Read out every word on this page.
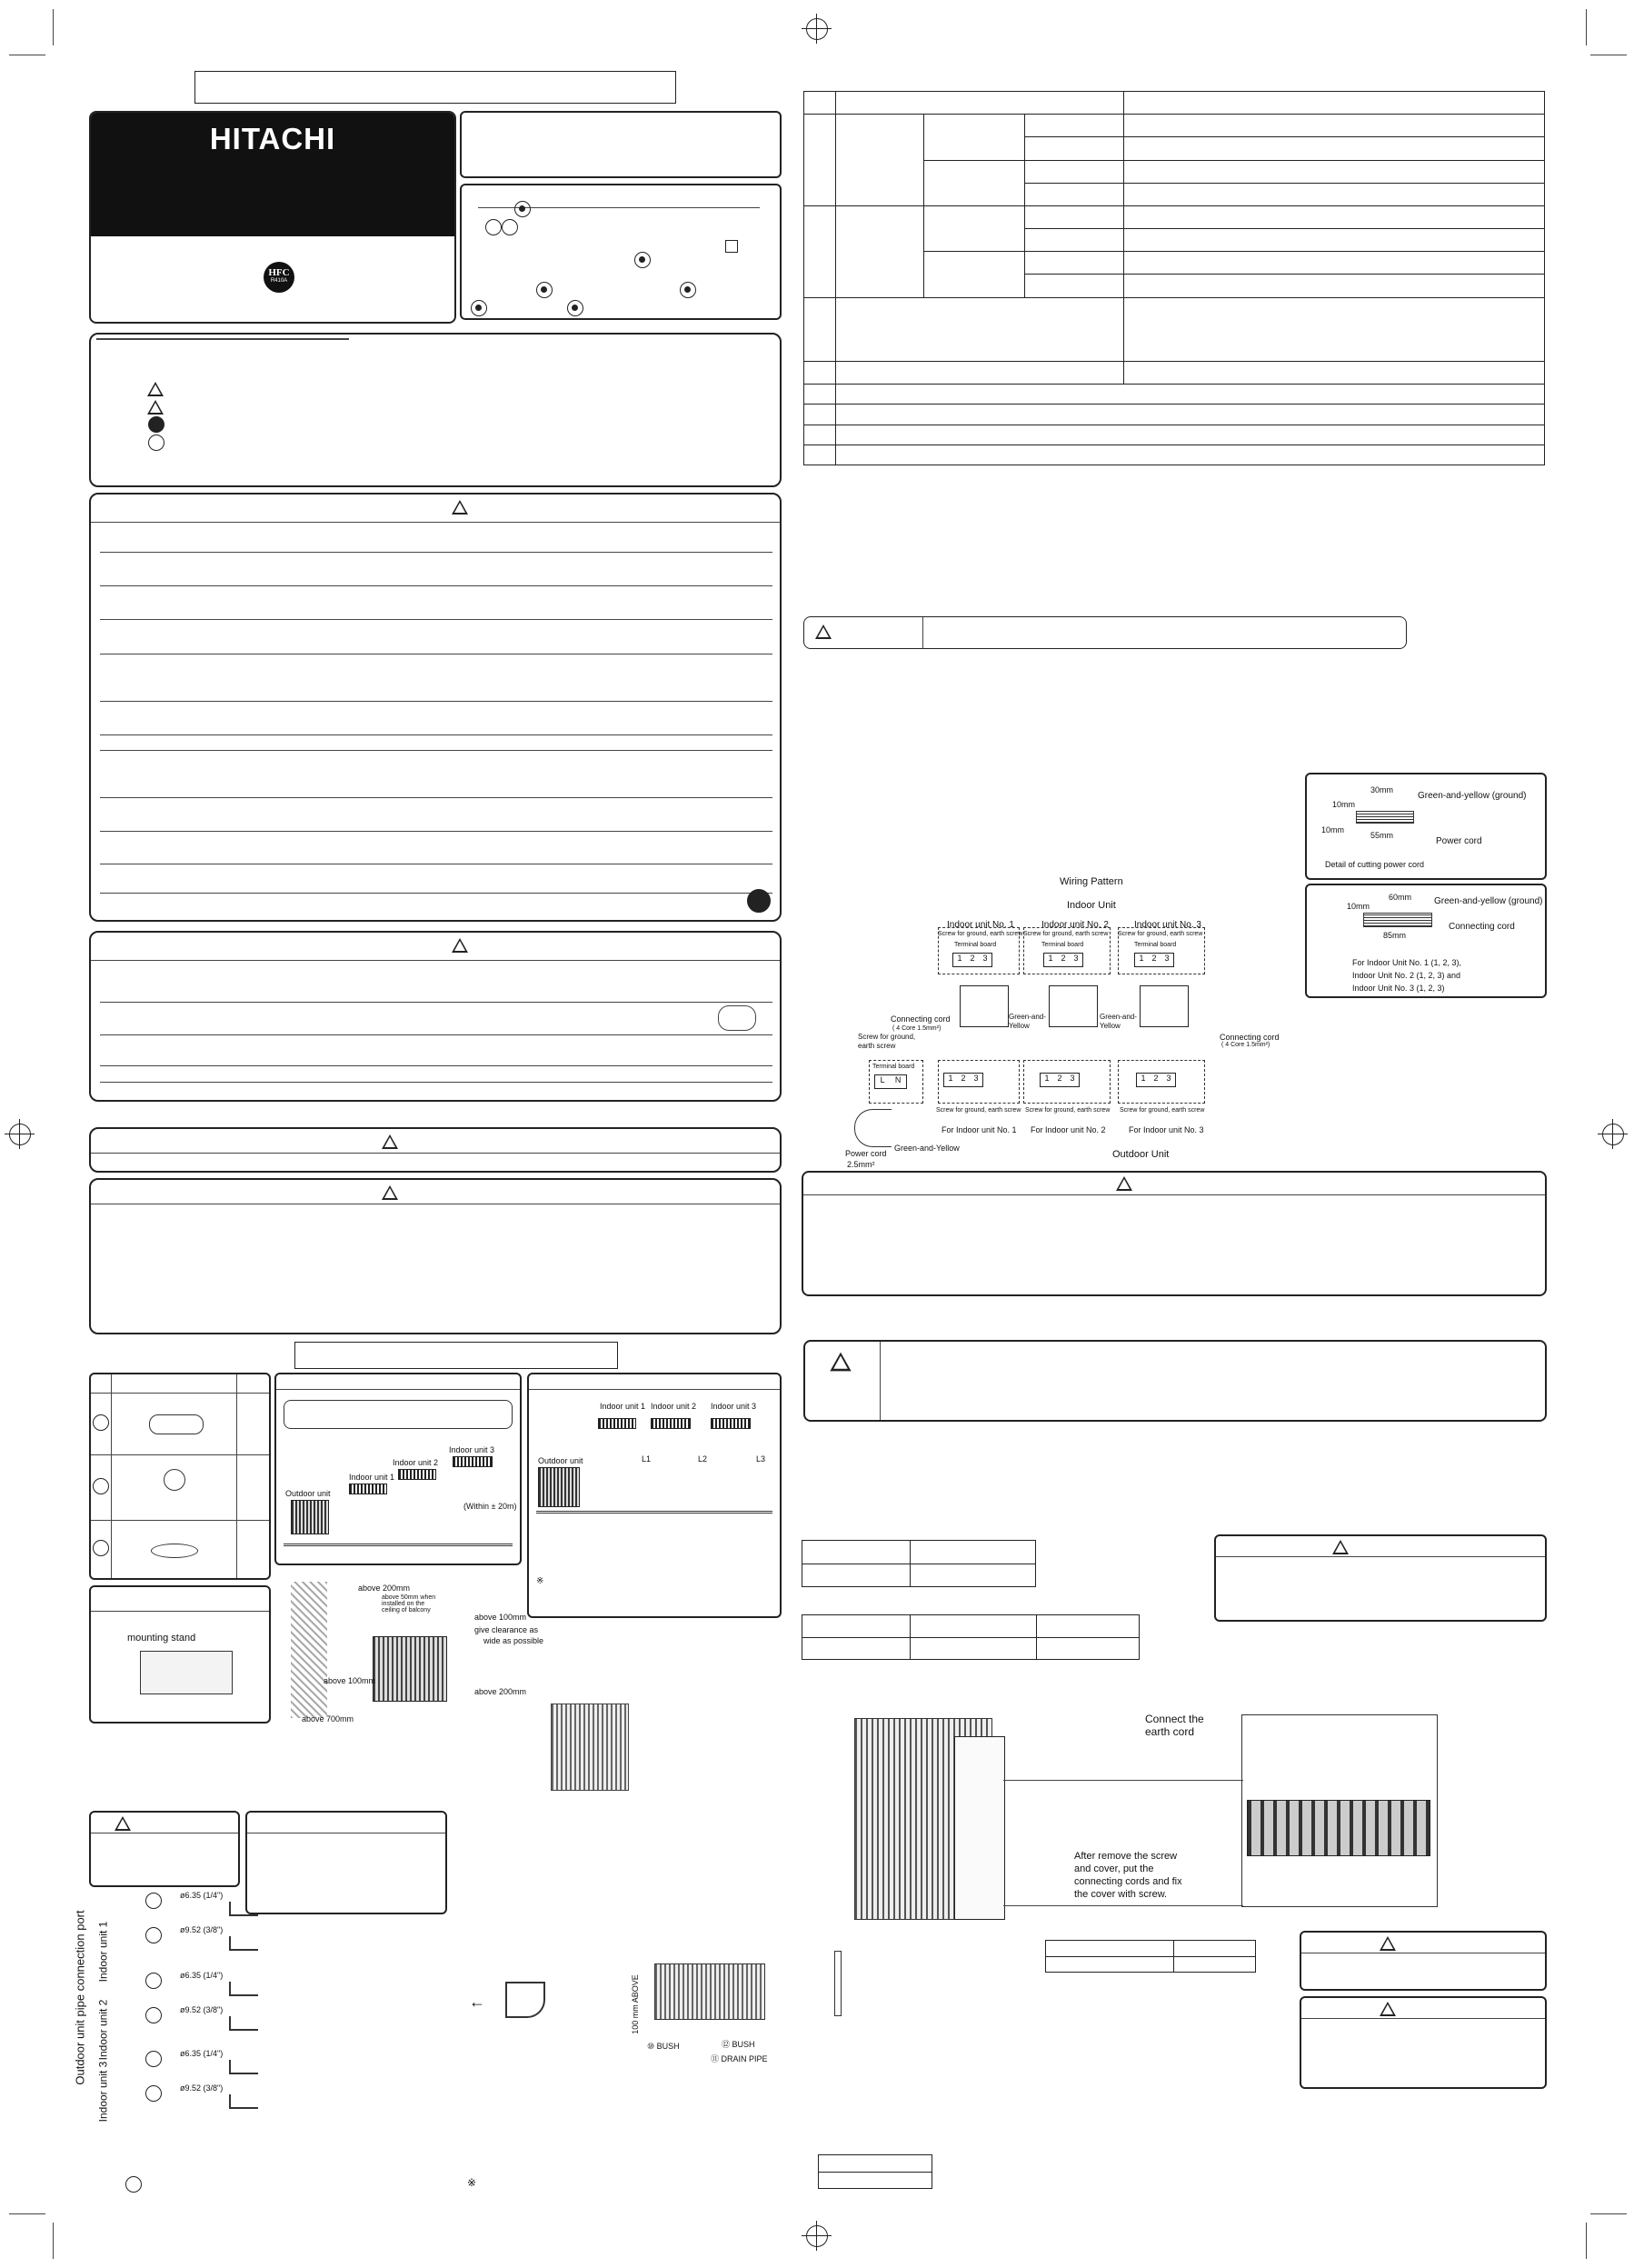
HITACHI
HFC
R410A
Outdoor unit
Indoor unit 1
Indoor unit 2
Indoor unit 3
(Within ± 20m)
Indoor unit 1 Indoor unit 2 Indoor unit 3
Outdoor unit	L1	L2	L3
※
mounting stand
above 200mm
above 50mm when
installed on the
ceiling of balcony
above 100mm
give clearance as
wide as possible
above 100mm
above 200mm
above 700mm
Outdoor unit pipe connection port Indoor unit 1
Indoor unit 2
Indoor unit 3
ø6.35 (1/4")
ø9.52 (3/8")
ø6.35 (1/4")
ø9.52 (3/8")
ø6.35 (1/4")
ø9.52 (3/8")
←	100 mm ABOVE
⑩ BUSH	⑫ BUSH
⑪ DRAIN PIPE
※

30mm
10mm
10mm
55mm
Green-and-yellow (ground)
Power cord
Detail of cutting power cord
60mm
10mm
85mm
Green-and-yellow (ground)
Connecting cord
For Indoor Unit No. 1 (1, 2, 3),
Indoor Unit No. 2 (1, 2, 3) and
Indoor Unit No. 3 (1, 2, 3)
Wiring Pattern
Indoor Unit
Outdoor Unit
Indoor unit No. 1	Indoor unit No. 2	Indoor unit No. 3
Screw for ground, earth screw Screw for ground, earth screw Screw for ground, earth screw
Terminal board	Terminal board	Terminal board
1 2 3	1 2 3	1 2 3
Connecting cord
( 4 Core 1.5mm²)
Green-and-
Yellow
Green-and-
Yellow
Connecting cord
( 4 Core 1.5mm²)
Screw for ground,
earth screw
Terminal board
L N	1 2 3	1 2 3	1 2 3
Screw for ground, earth screw Screw for ground, earth screw Screw for ground, earth screw
For Indoor unit No. 1 For Indoor unit No. 2	For Indoor unit No. 3
Green-and-Yellow
Power cord
2.5mm²

Connect the
earth cord
After remove the screw
and cover, put the
connecting cords and fix
the cover with screw.
